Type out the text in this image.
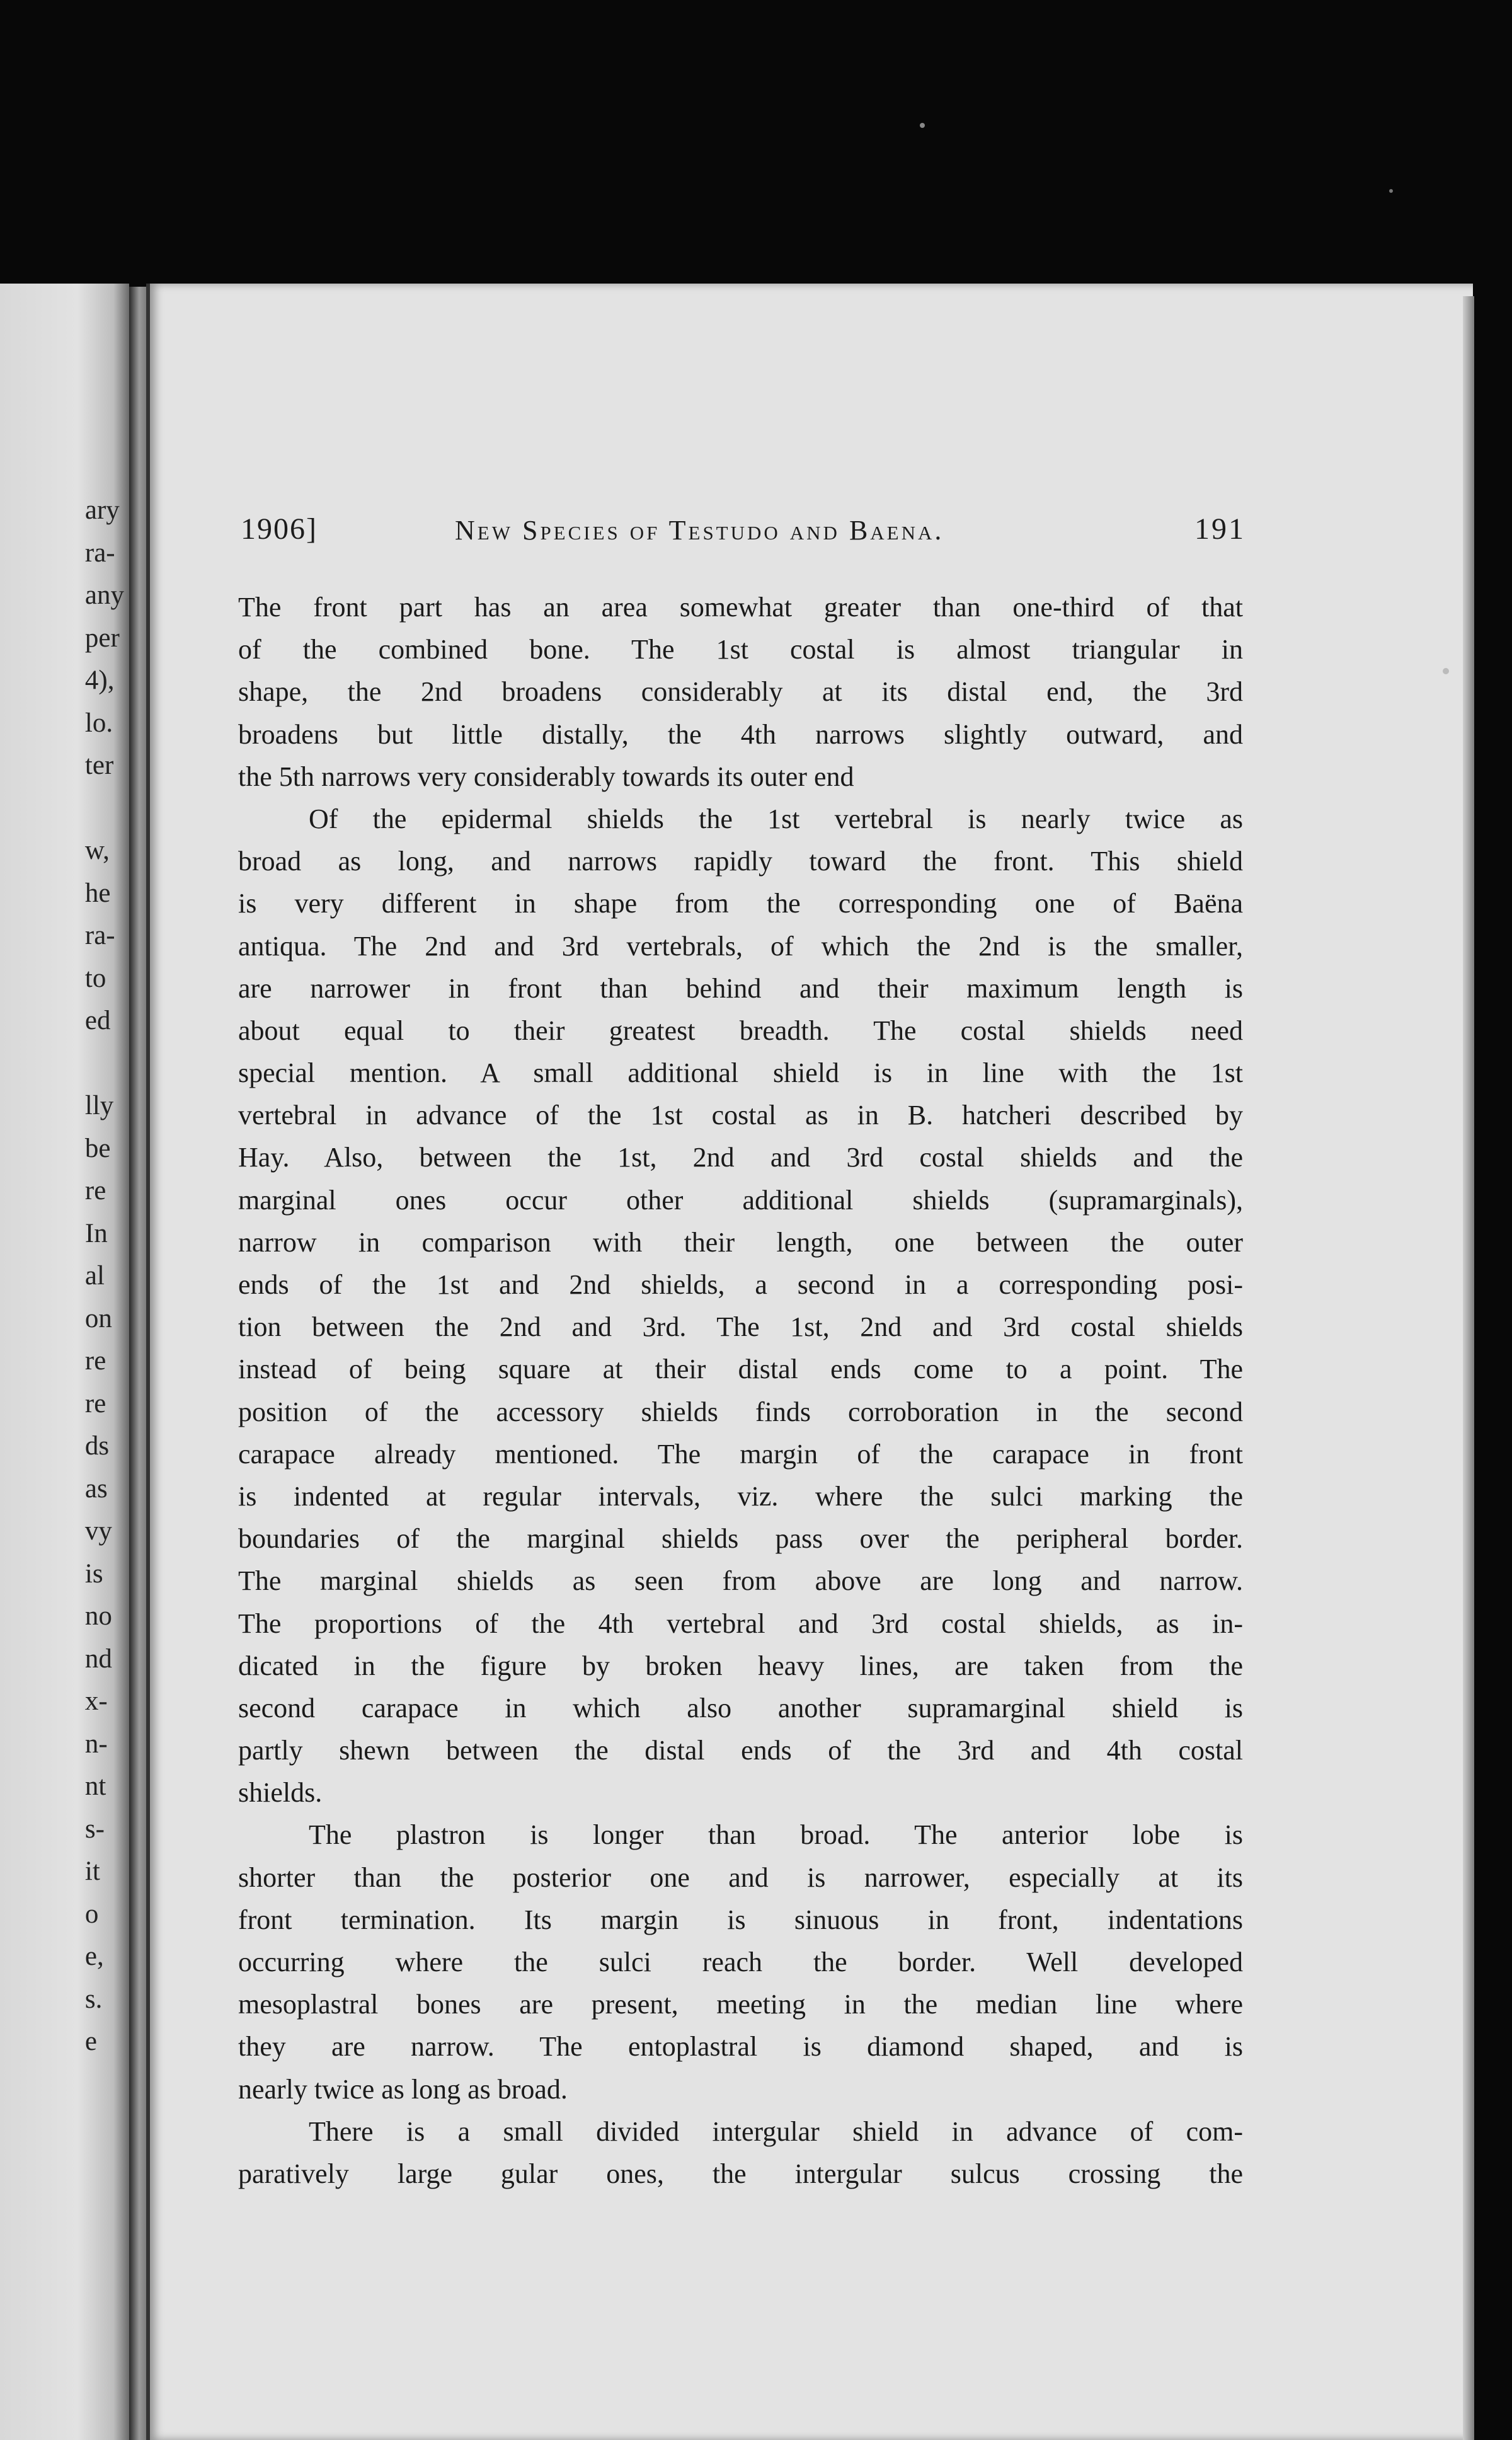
ary
ra-
any
per
4),
lo.
ter
w,
he
ra-
to
ed
lly
be
re
In
al
on
re
re
ds
as
vy
is
no
nd
x-
n-
nt
s-
it
o
e,
s.
e
1906]	New Species of Testudo and Baena.	191
The front part has an area somewhat greater than one-third of that
of the combined bone. The 1st costal is almost triangular in
shape, the 2nd broadens considerably at its distal end, the 3rd
broadens but little distally, the 4th narrows slightly outward, and
the 5th narrows very considerably towards its outer end
Of the epidermal shields the 1st vertebral is nearly twice as
broad as long, and narrows rapidly toward the front. This shield
is very different in shape from the corresponding one of Baëna
antiqua. The 2nd and 3rd vertebrals, of which the 2nd is the smaller,
are narrower in front than behind and their maximum length is
about equal to their greatest breadth. The costal shields need
special mention. A small additional shield is in line with the 1st
vertebral in advance of the 1st costal as in B. hatcheri described by
Hay. Also, between the 1st, 2nd and 3rd costal shields and the
marginal ones occur other additional shields (supramarginals),
narrow in comparison with their length, one between the outer
ends of the 1st and 2nd shields, a second in a corresponding posi-
tion between the 2nd and 3rd. The 1st, 2nd and 3rd costal shields
instead of being square at their distal ends come to a point. The
position of the accessory shields finds corroboration in the second
carapace already mentioned. The margin of the carapace in front
is indented at regular intervals, viz. where the sulci marking the
boundaries of the marginal shields pass over the peripheral border.
The marginal shields as seen from above are long and narrow.
The proportions of the 4th vertebral and 3rd costal shields, as in-
dicated in the figure by broken heavy lines, are taken from the
second carapace in which also another supramarginal shield is
partly shewn between the distal ends of the 3rd and 4th costal
shields.
The plastron is longer than broad. The anterior lobe is
shorter than the posterior one and is narrower, especially at its
front termination. Its margin is sinuous in front, indentations
occurring where the sulci reach the border. Well developed
mesoplastral bones are present, meeting in the median line where
they are narrow. The entoplastral is diamond shaped, and is
nearly twice as long as broad.
There is a small divided intergular shield in advance of com-
paratively large gular ones, the intergular sulcus crossing the
